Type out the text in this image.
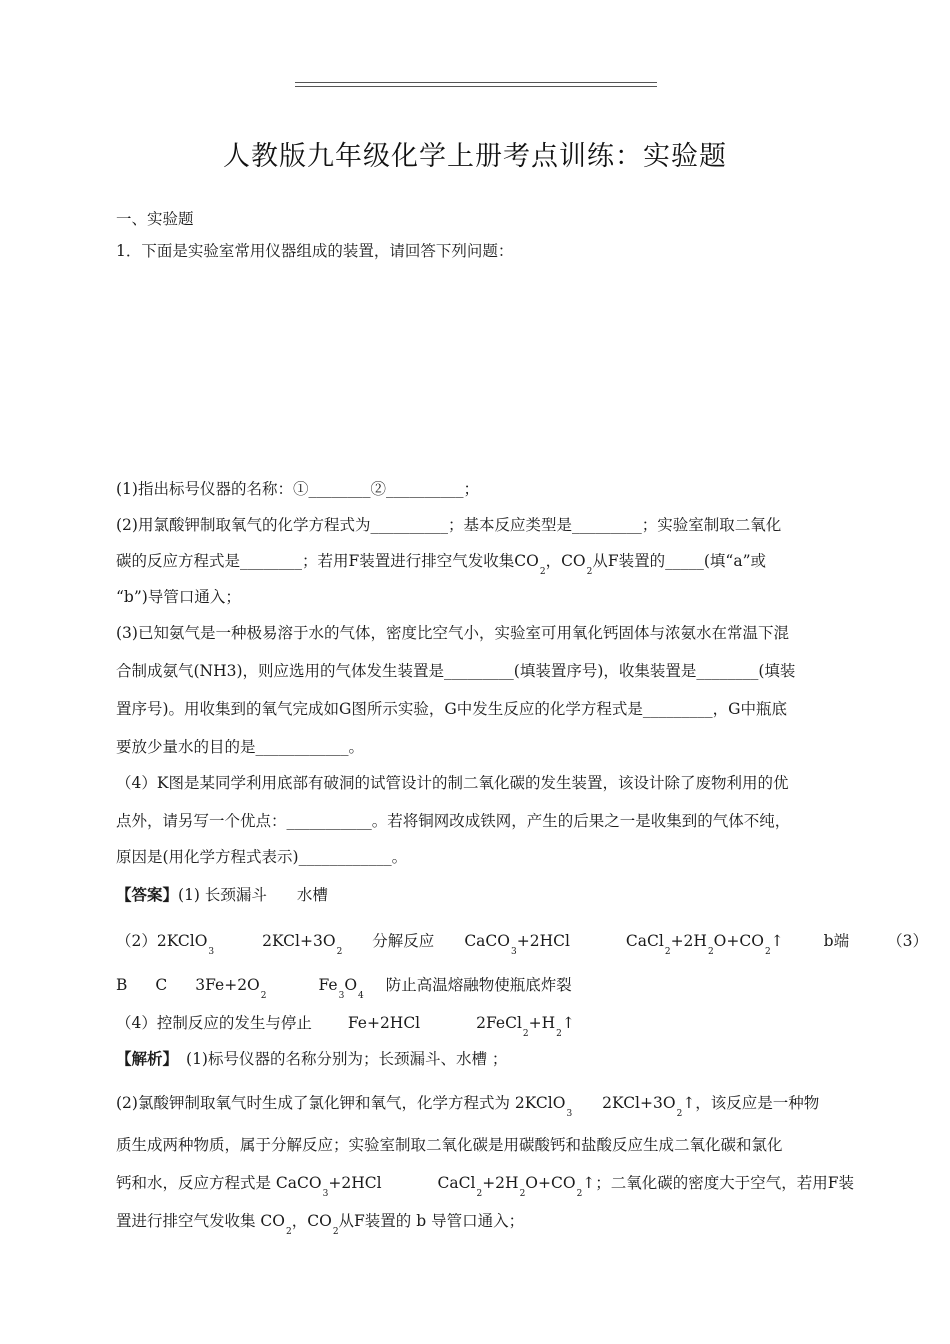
人教版九年级化学上册考点训练：实验题
一、实验题
1．下面是实验室常用仪器组成的装置，请回答下列问题：
(1)指出标号仪器的名称：①________②__________；
(2)用氯酸钾制取氧气的化学方程式为__________；基本反应类型是_________；实验室制取二氧化
碳的反应方程式是________；若用F装置进行排空气发收集$CO_2$，$CO_2$从F装置的_____(填“a”或
“b”)导管口通入；
(3)已知氨气是一种极易溶于水的气体，密度比空气小，实验室可用氧化钙固体与浓氨水在常温下混
合制成氨气(NH3)，则应选用的气体发生装置是_________(填装置序号)，收集装置是________(填装
置序号)。用收集到的氧气完成如G图所示实验，G中发生反应的化学方程式是_________，G中瓶底
要放少量水的目的是____________。
（4）K图是某同学利用底部有破洞的试管设计的制二氧化碳的发生装置，该设计除了废物利用的优
点外，请另写一个优点：___________。若将铜网改成铁网，产生的后果之一是收集到的气体不纯，
原因是(用化学方程式表示)____________。
【答案】(1) 长颈漏斗 水槽
$(2)2KClO_32KCl+3O_2$分解反应 CaCO$_3$+2HCl	$CaCl_2+2H_2O+CO_2↑$	b端 （3）
B C $3Fe+2O_2Fe_3O_4$防止高温熔融物使瓶底炸裂
（4）控制反应的发生与停止 Fe+2HCl	$2FeCl_2+H_2↑$
【解析】 (1)标号仪器的名称分别为；长颈漏斗、水槽 ；
(2)氯酸钾制取氧气时生成了氯化钾和氧气，化学方程式为 $2KClO_32KCl+3O_2↑$，该反应是一种物
质生成两种物质，属于分解反应；实验室制取二氧化碳是用碳酸钙和盐酸反应生成二氧化碳和氯化
钙和水，反应方程式是 CaCO$_3$+2HCl	$CaCl_2+2H_2O+CO_2↑$；二氧化碳的密度大于空气，若用F装
置进行排空气发收集 $CO_2$，$CO_2$从F装置的 b 导管口通入；
